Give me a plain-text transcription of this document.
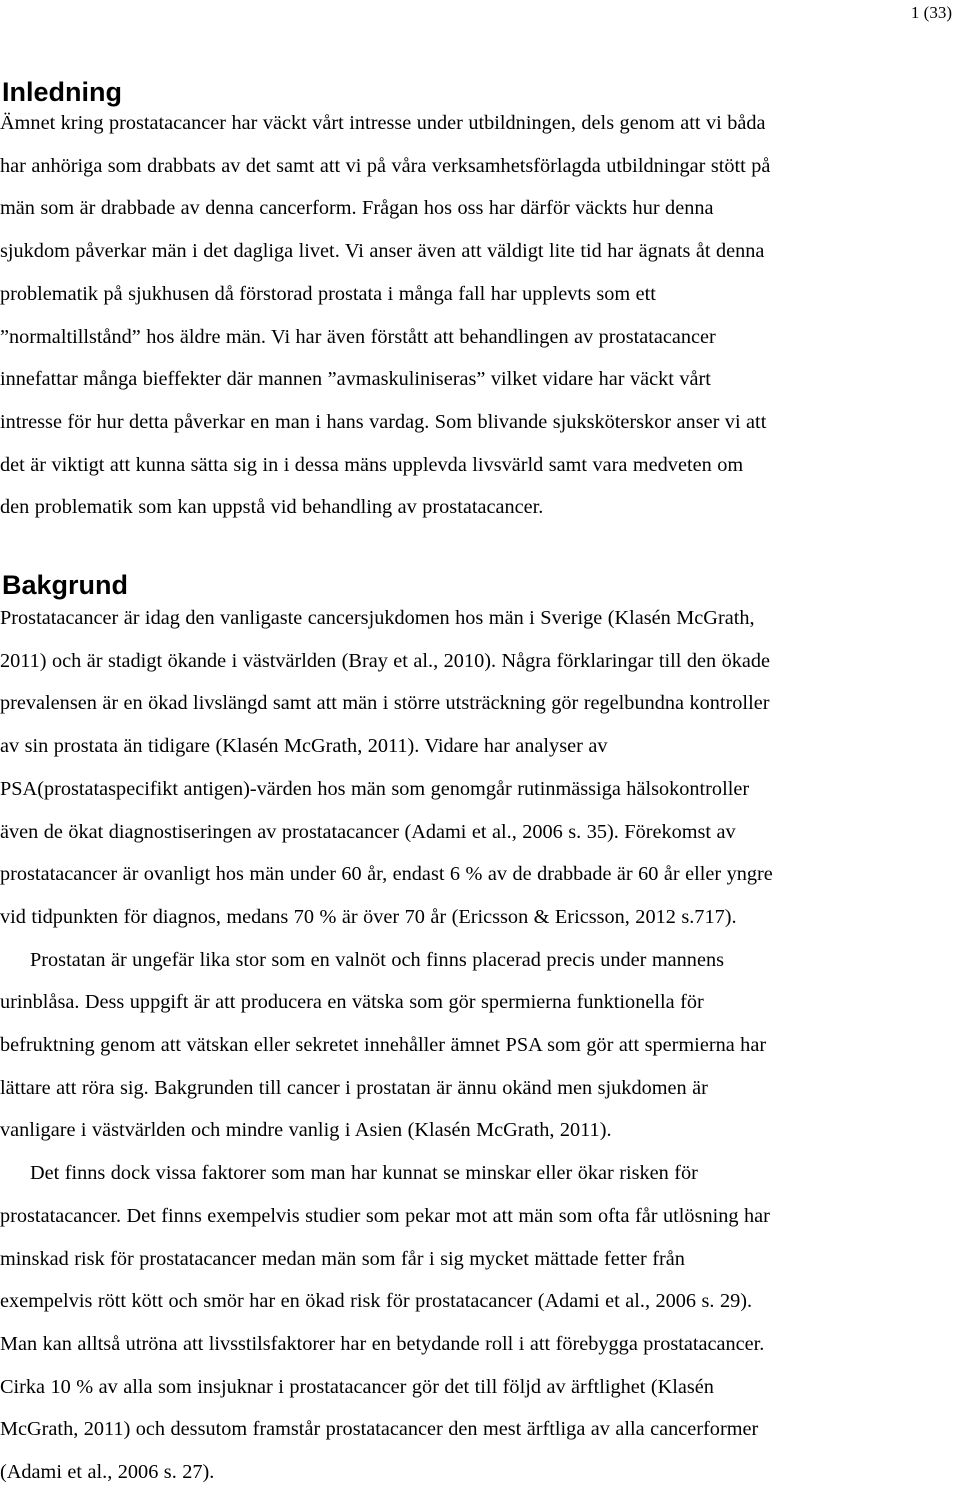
1 (33)
Inledning

Ämnet kring prostatacancer har väckt vårt intresse under utbildningen, dels genom att vi båda
har anhöriga som drabbats av det samt att vi på våra verksamhetsförlagda utbildningar stött på
män som är drabbade av denna cancerform. Frågan hos oss har därför väckts hur denna
sjukdom påverkar män i det dagliga livet. Vi anser även att väldigt lite tid har ägnats åt denna
problematik på sjukhusen då förstorad prostata i många fall har upplevts som ett
”normaltillstånd” hos äldre män. Vi har även förstått att behandlingen av prostatacancer
innefattar många bieffekter där mannen ”avmaskuliniseras” vilket vidare har väckt vårt
intresse för hur detta påverkar en man i hans vardag. Som blivande sjuksköterskor anser vi att
det är viktigt att kunna sätta sig in i dessa mäns upplevda livsvärld samt vara medveten om
den problematik som kan uppstå vid behandling av prostatacancer.

Bakgrund

Prostatacancer är idag den vanligaste cancersjukdomen hos män i Sverige (Klasén McGrath,
2011) och är stadigt ökande i västvärlden (Bray et al., 2010). Några förklaringar till den ökade
prevalensen är en ökad livslängd samt att män i större utsträckning gör regelbundna kontroller
av sin prostata än tidigare (Klasén McGrath, 2011). Vidare har analyser av
PSA(prostataspecifikt antigen)-värden hos män som genomgår rutinmässiga hälsokontroller
även de ökat diagnostiseringen av prostatacancer (Adami et al., 2006 s. 35). Förekomst av
prostatacancer är ovanligt hos män under 60 år, endast 6 % av de drabbade är 60 år eller yngre
vid tidpunkten för diagnos, medans 70 % är över 70 år (Ericsson & Ericsson, 2012 s.717).
Prostatan är ungefär lika stor som en valnöt och finns placerad precis under mannens
urinblåsa. Dess uppgift är att producera en vätska som gör spermierna funktionella för
befruktning genom att vätskan eller sekretet innehåller ämnet PSA som gör att spermierna har
lättare att röra sig. Bakgrunden till cancer i prostatan är ännu okänd men sjukdomen är
vanligare i västvärlden och mindre vanlig i Asien (Klasén McGrath, 2011).
Det finns dock vissa faktorer som man har kunnat se minskar eller ökar risken för
prostatacancer. Det finns exempelvis studier som pekar mot att män som ofta får utlösning har
minskad risk för prostatacancer medan män som får i sig mycket mättade fetter från
exempelvis rött kött och smör har en ökad risk för prostatacancer (Adami et al., 2006 s. 29).
Man kan alltså utröna att livsstilsfaktorer har en betydande roll i att förebygga prostatacancer.
Cirka 10 % av alla som insjuknar i prostatacancer gör det till följd av ärftlighet (Klasén
McGrath, 2011) och dessutom framstår prostatacancer den mest ärftliga av alla cancerformer
(Adami et al., 2006 s. 27).
